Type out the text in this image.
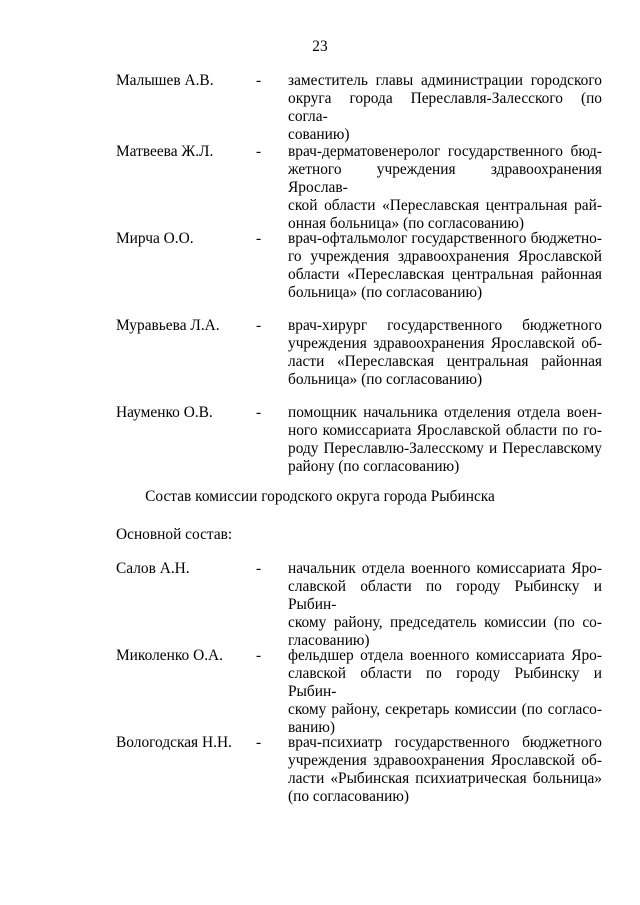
23
Малышев А.В.	- заместитель главы администрации городского
округа города Переславля-Залесского (по согла-
сованию)
Матвеева Ж.Л.	- врач-дерматовенеролог государственного бюд-
жетного учреждения здравоохранения Ярослав-
ской области «Переславская центральная рай-
онная больница» (по согласованию)
Мирча О.О.	- врач-офтальмолог государственного бюджетно-
го учреждения здравоохранения Ярославской
области «Переславская центральная районная
больница» (по согласованию)
Муравьева Л.А.	- врач-хирург государственного бюджетного
учреждения здравоохранения Ярославской об-
ласти «Переславская центральная районная
больница» (по согласованию)
Науменко О.В.	- помощник начальника отделения отдела воен-
ного комиссариата Ярославской области по го-
роду Переславлю-Залесскому и Переславскому
району (по согласованию)
Состав комиссии городского округа города Рыбинска
Основной состав:
Салов А.Н.	- начальник отдела военного комиссариата Яро-
славской области по городу Рыбинску и Рыбин-
скому району, председатель комиссии (по со-
гласованию)
Миколенко О.А.	- фельдшер отдела военного комиссариата Яро-
славской области по городу Рыбинску и Рыбин-
скому району, секретарь комиссии (по согласо-
ванию)
Вологодская Н.Н.	- врач-психиатр государственного бюджетного
учреждения здравоохранения Ярославской об-
ласти «Рыбинская психиатрическая больница»
(по согласованию)
